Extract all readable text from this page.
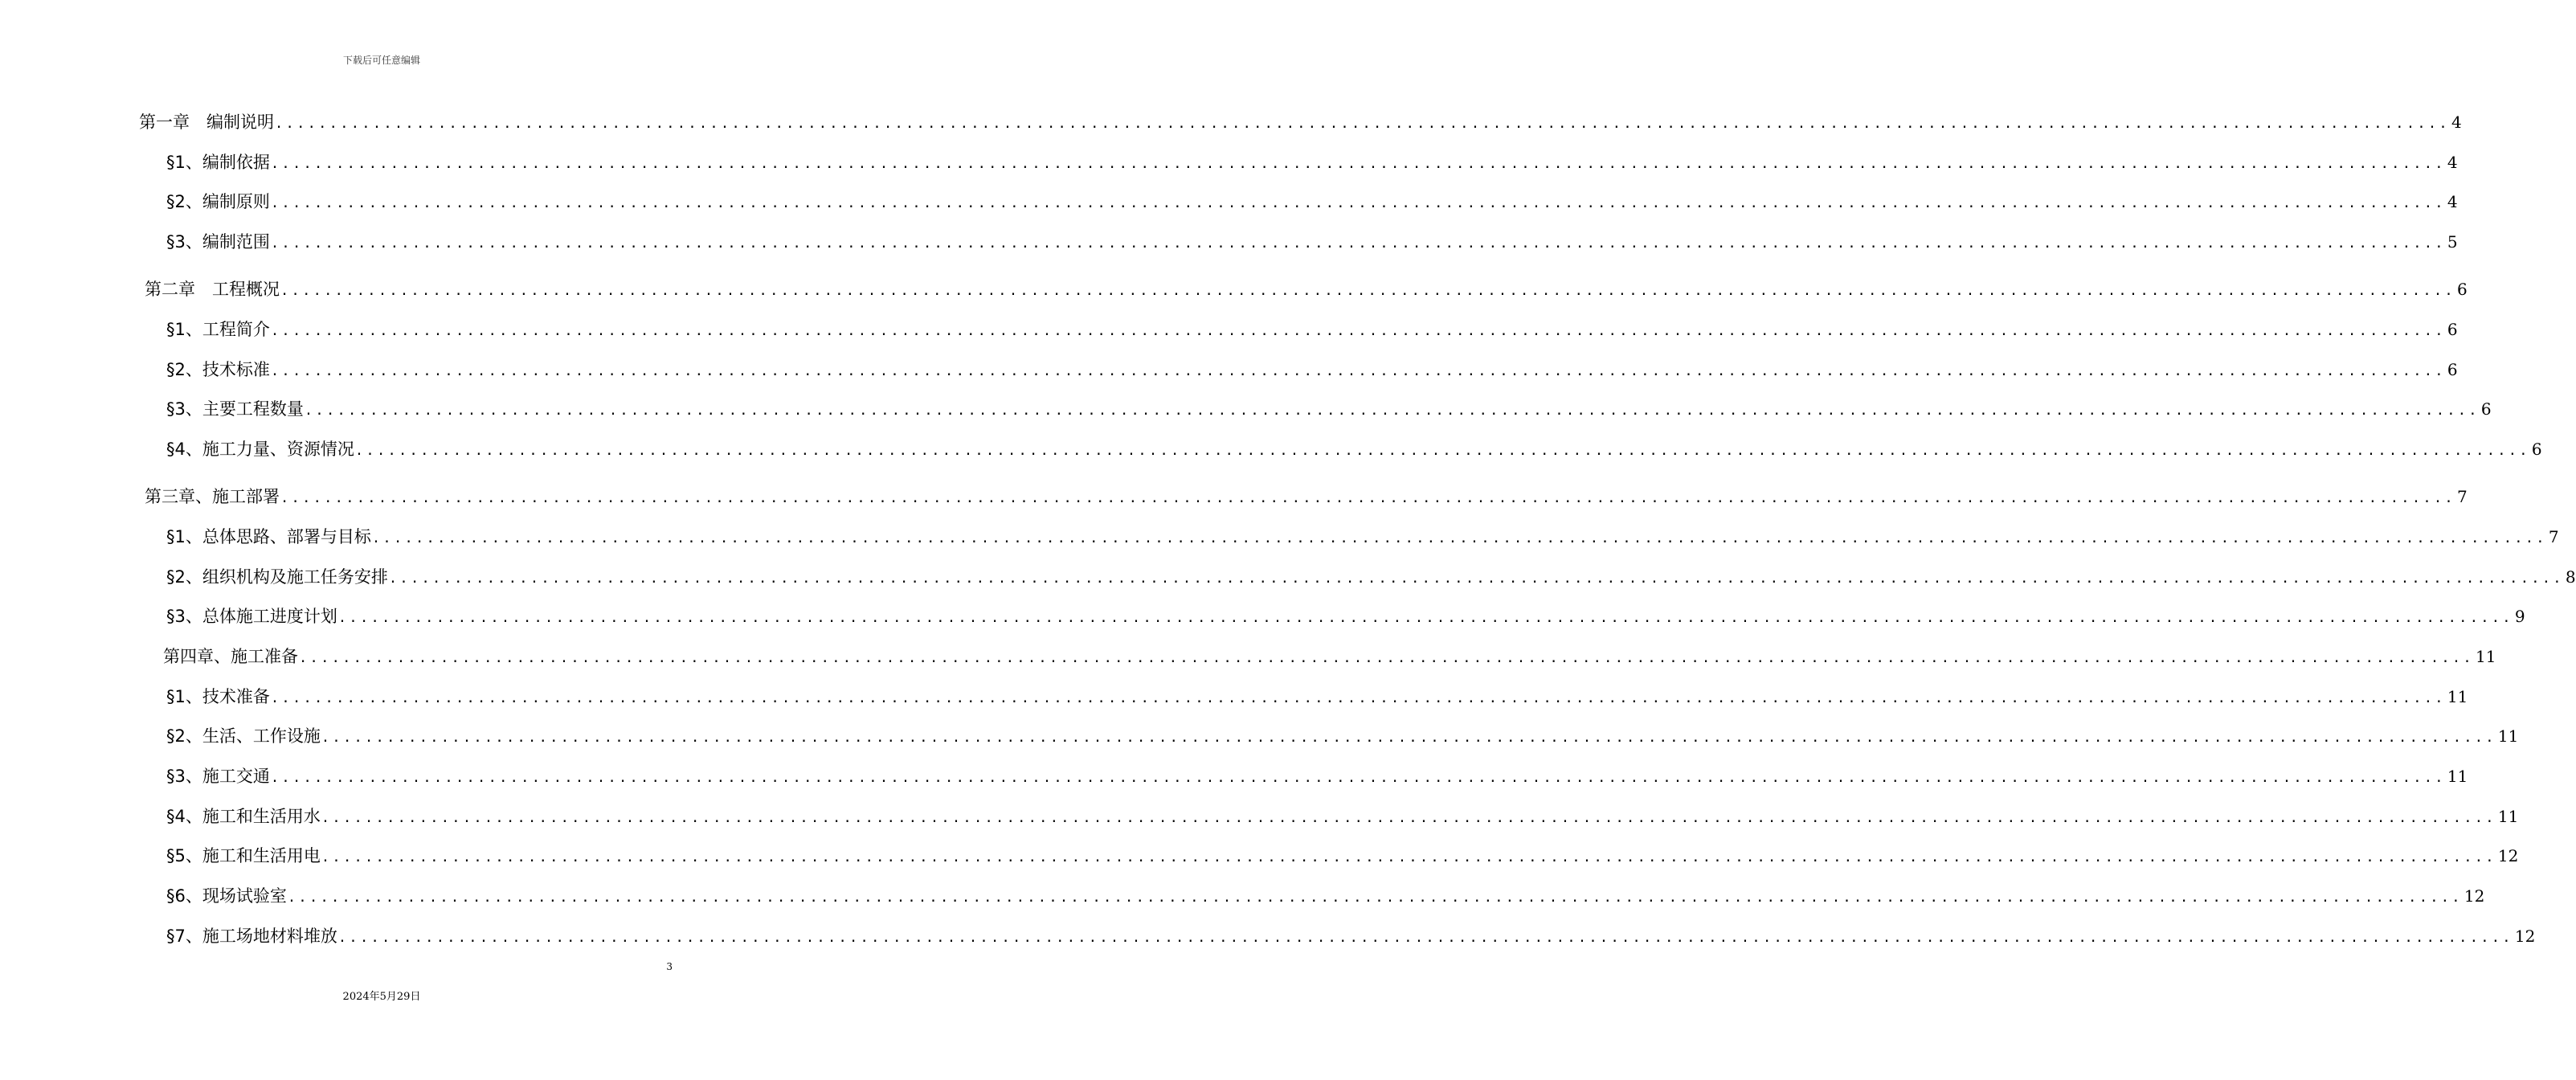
下载后可任意编辑
第一章　编制说明 ........................................................................................................................................................................................................ 4
§1、编制依据 ........................................................................................................................................................................................................ 4
§2、编制原则 ........................................................................................................................................................................................................ 4
§3、编制范围 ........................................................................................................................................................................................................ 5
第二章　工程概况 ........................................................................................................................................................................................................ 6
§1、工程简介 ........................................................................................................................................................................................................ 6
§2、技术标准 ........................................................................................................................................................................................................ 6
§3、主要工程数量 ........................................................................................................................................................................................................ 6
§4、施工力量、资源情况 ........................................................................................................................................................................................................ 6
第三章、施工部署 ........................................................................................................................................................................................................ 7
§1、总体思路、部署与目标 ........................................................................................................................................................................................................ 7
§2、组织机构及施工任务安排 ........................................................................................................................................................................................................ 8
§3、总体施工进度计划 ........................................................................................................................................................................................................ 9
第四章、施工准备 ........................................................................................................................................................................................................ 11
§1、技术准备 ........................................................................................................................................................................................................ 11
§2、生活、工作设施 ........................................................................................................................................................................................................ 11
§3、施工交通 ........................................................................................................................................................................................................ 11
§4、施工和生活用水 ........................................................................................................................................................................................................ 11
§5、施工和生活用电 ........................................................................................................................................................................................................ 12
§6、现场试验室 ........................................................................................................................................................................................................ 12
§7、施工场地材料堆放 ........................................................................................................................................................................................................ 12
3
2024年5月29日
